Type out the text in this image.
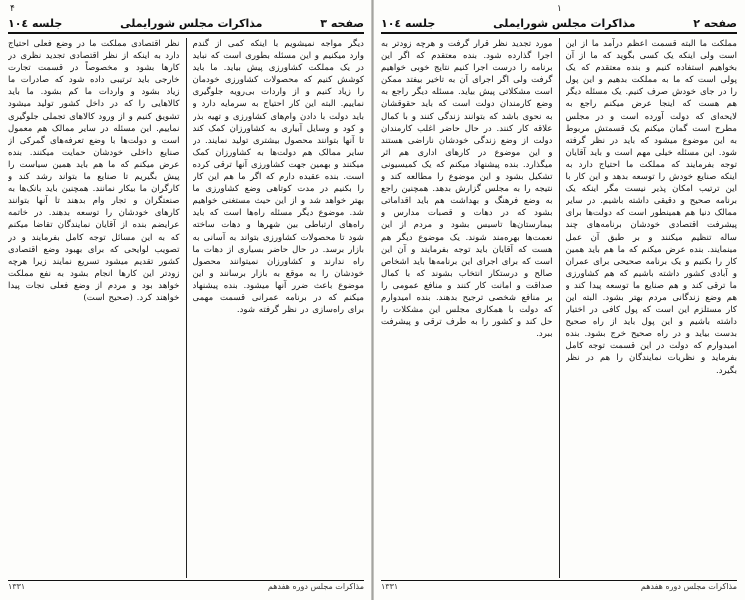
۴
صفحه ۳
مذاکرات مجلس شورایملی
جلسه ۱۰٤

دیگر مواجه نمیشویم با اینکه کمی از گندم وارد میکنیم و این مسئله بطوری است که نباید در یک مملکت کشاورزی پیش بیاید. ما باید کوشش کنیم که محصولات کشاورزی خودمان را زیاد کنیم و از واردات بی‌رویه جلوگیری نماییم. البته این کار احتیاج به سرمایه دارد و باید دولت با دادن وام‌های کشاورزی و تهیه بذر و کود و وسایل آبیاری به کشاورزان کمک کند تا آنها بتوانند محصول بیشتری تولید نمایند. در سایر ممالک هم دولت‌ها به کشاورزان کمک میکنند و بهمین جهت کشاورزی آنها ترقی کرده است. بنده عقیده دارم که اگر ما هم این کار را بکنیم در مدت کوتاهی وضع کشاورزی ما بهتر خواهد شد و از این حیث مستغنی خواهیم شد. موضوع دیگر مسئله راه‌ها است که باید راه‌های ارتباطی بین شهرها و دهات ساخته شود تا محصولات کشاورزی بتواند به آسانی به بازار برسد. در حال حاضر بسیاری از دهات ما راه ندارند و کشاورزان نمیتوانند محصول خودشان را به موقع به بازار برسانند و این موضوع باعث ضرر آنها میشود. بنده پیشنهاد میکنم که در برنامه عمرانی قسمت مهمی برای راه‌سازی در نظر گرفته شود.

نظر اقتصادی مملکت ما در وضع فعلی احتیاج دارد به اینکه از نظر اقتصادی تجدید نظری در کارها بشود و مخصوصاً در قسمت تجارت خارجی باید ترتیبی داده شود که صادرات ما زیاد بشود و واردات ما کم بشود. ما باید کالاهایی را که در داخل کشور تولید میشود تشویق کنیم و از ورود کالاهای تجملی جلوگیری نماییم. این مسئله در سایر ممالک هم معمول است و دولت‌ها با وضع تعرفه‌های گمرکی از صنایع داخلی خودشان حمایت میکنند. بنده عرض میکنم که ما هم باید همین سیاست را پیش بگیریم تا صنایع ما بتواند رشد کند و کارگران ما بیکار نمانند. همچنین باید بانک‌ها به صنعتگران و تجار وام بدهند تا آنها بتوانند کارهای خودشان را توسعه بدهند. در خاتمه عرایضم بنده از آقایان نمایندگان تقاضا میکنم که به این مسائل توجه کامل بفرمایند و در تصویب لوایحی که برای بهبود وضع اقتصادی کشور تقدیم میشود تسریع نمایند زیرا هرچه زودتر این کارها انجام بشود به نفع مملکت خواهد بود و مردم از وضع فعلی نجات پیدا خواهند کرد. (صحیح است)

مذاکرات مجلس دوره هفدهم
۱۳۳۱
۱
صفحه ۲
مذاکرات مجلس شورایملی
جلسه ۱۰٤

مملکت ما البته قسمت اعظم درآمد ما از این است ولی اینکه یک کسی بگوید که ما از آن بخواهیم استفاده کنیم و بنده معتقدم که یک پولی است که ما به مملکت بدهیم و این پول را در جای خودش صرف کنیم. یک مسئله دیگر هم هست که اینجا عرض میکنم راجع به لایحه‌ای که دولت آورده است و در مجلس مطرح است گمان میکنم یک قسمتش مربوط به این موضوع میشود که باید در نظر گرفته شود. این مسئله خیلی مهم است و باید آقایان توجه بفرمایند که مملکت ما احتیاج دارد به اینکه صنایع خودش را توسعه بدهد و این کار با این ترتیب امکان پذیر نیست مگر اینکه یک برنامه صحیح و دقیقی داشته باشیم. در سایر ممالک دنیا هم همینطور است که دولت‌ها برای پیشرفت اقتصادی خودشان برنامه‌های چند ساله تنظیم میکنند و بر طبق آن عمل مینمایند. بنده عرض میکنم که ما هم باید همین کار را بکنیم و یک برنامه صحیحی برای عمران و آبادی کشور داشته باشیم که هم کشاورزی ما ترقی کند و هم صنایع ما توسعه پیدا کند و هم وضع زندگانی مردم بهتر بشود. البته این کار مستلزم این است که پول کافی در اختیار داشته باشیم و این پول باید از راه صحیح بدست بیاید و در راه صحیح خرج بشود. بنده امیدوارم که دولت در این قسمت توجه کامل بفرماید و نظریات نمایندگان را هم در نظر بگیرد.

مورد تجدید نظر قرار گرفت و هرچه زودتر به اجرا گذارده شود. بنده معتقدم که اگر این برنامه را درست اجرا کنیم نتایج خوبی خواهیم گرفت ولی اگر اجرای آن به تاخیر بیفتد ممکن است مشکلاتی پیش بیاید. مسئله دیگر راجع به وضع کارمندان دولت است که باید حقوقشان به نحوی باشد که بتوانند زندگی کنند و با کمال علاقه کار کنند. در حال حاضر اغلب کارمندان دولت از وضع زندگی خودشان ناراضی هستند و این موضوع در کارهای اداری هم اثر میگذارد. بنده پیشنهاد میکنم که یک کمیسیونی تشکیل بشود و این موضوع را مطالعه کند و نتیجه را به مجلس گزارش بدهد. همچنین راجع به وضع فرهنگ و بهداشت هم باید اقداماتی بشود که در دهات و قصبات مدارس و بیمارستان‌ها تاسیس بشود و مردم از این نعمت‌ها بهره‌مند شوند. یک موضوع دیگر هم هست که آقایان باید توجه بفرمایند و آن این است که برای اجرای این برنامه‌ها باید اشخاص صالح و درستکار انتخاب بشوند که با کمال صداقت و امانت کار کنند و منافع عمومی را بر منافع شخصی ترجیح بدهند. بنده امیدوارم که دولت با همکاری مجلس این مشکلات را حل کند و کشور را به طرف ترقی و پیشرفت ببرد.

مذاکرات مجلس دوره هفدهم
۱۳۳۱
